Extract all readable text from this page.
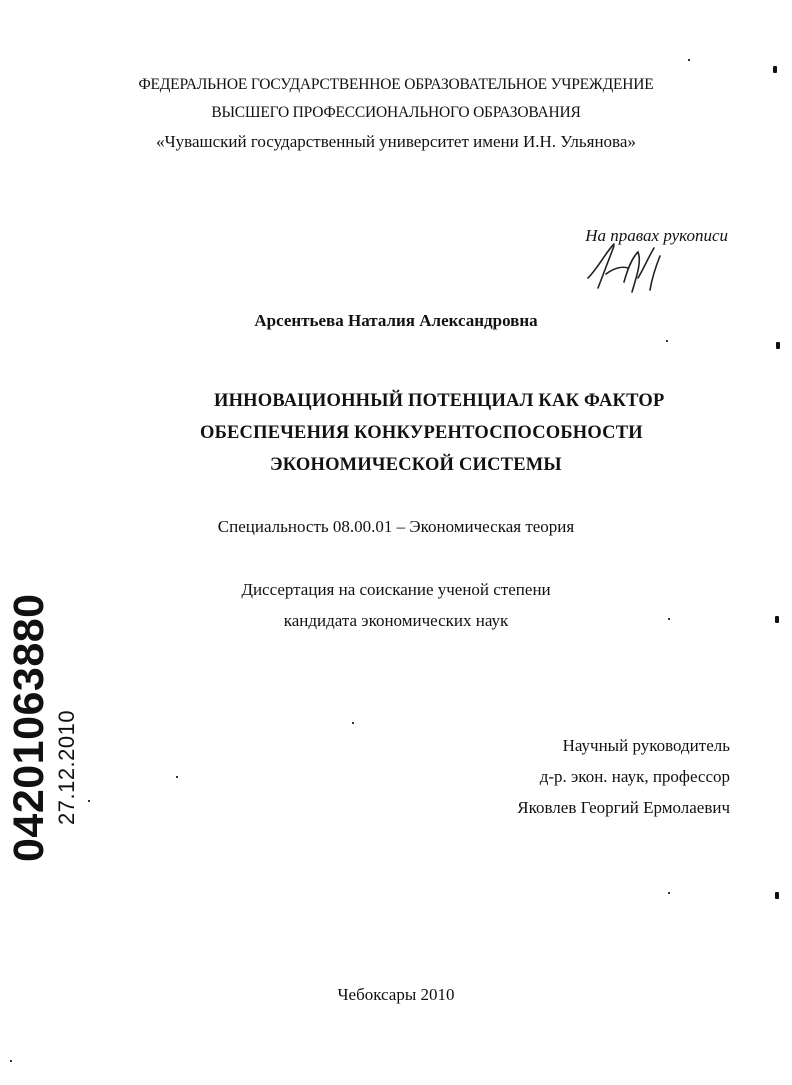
ФЕДЕРАЛЬНОЕ ГОСУДАРСТВЕННОЕ ОБРАЗОВАТЕЛЬНОЕ УЧРЕЖДЕНИЕ
ВЫСШЕГО ПРОФЕССИОНАЛЬНОГО ОБРАЗОВАНИЯ
«Чувашский государственный университет имени И.Н. Ульянова»
На правах рукописи
Арсентьева Наталия Александровна
ИННОВАЦИОННЫЙ ПОТЕНЦИАЛ КАК ФАКТОР
ОБЕСПЕЧЕНИЯ КОНКУРЕНТОСПОСОБНОСТИ
ЭКОНОМИЧЕСКОЙ СИСТЕМЫ
Специальность 08.00.01 – Экономическая теория
Диссертация на соискание ученой степени
кандидата экономических наук
Научный руководитель
д-р. экон. наук, профессор
Яковлев Георгий Ермолаевич
Чебоксары 2010
04201063880 27.12.2010
